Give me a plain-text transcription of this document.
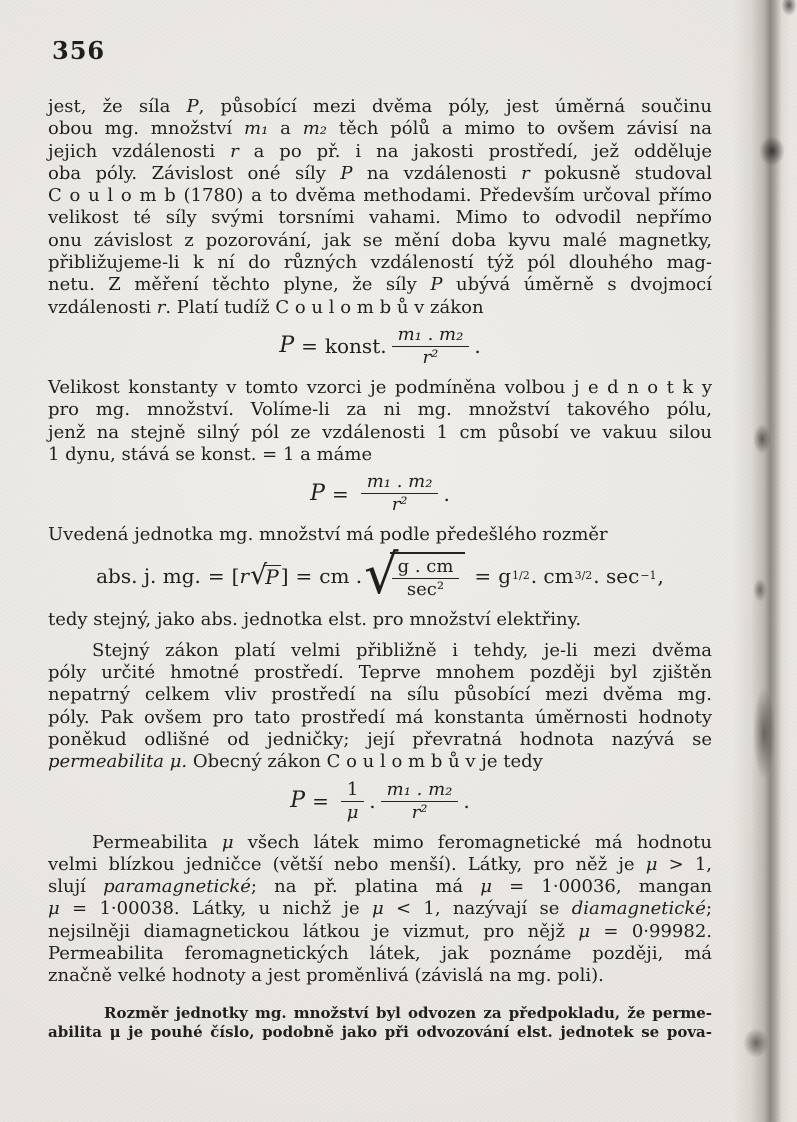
356
jest, že síla P, působící mezi dvěma póly, jest úměrná součinu
obou mg. množství m₁ a m₂ těch pólů a mimo to ovšem závisí na
jejich vzdálenosti r a po př. i na jakosti prostředí, jež odděluje
oba póly. Závislost oné síly P na vzdálenosti r pokusně studoval
C o u l o m b (1780) a to dvěma methodami. Především určoval přímo
velikost té síly svými torsními vahami. Mimo to odvodil nepřímo
onu závislost z pozorování, jak se mění doba kyvu malé magnetky,
přibližujeme-li k ní do různých vzdáleností týž pól dlouhého mag-
netu. Z měření těchto plyne, že síly P ubývá úměrně s dvojmocí
vzdálenosti r. Platí tudíž C o u l o m b ů v zákon
P = konst. $\frac{\text{m₁ . m₂}}{\text{r²}}$ .
Velikost konstanty v tomto vzorci je podmíněna volbou j e d n o t k y
pro mg. množství. Volíme-li za ni mg. množství takového pólu,
jenž na stejně silný pól ze vzdálenosti 1 cm působí ve vakuu silou
1 dynu, stává se konst. = 1 a máme
$P = \frac{\text{m₁ . m₂}}{\text{r²}}$ .
Uvedená jednotka mg. množství má podle předešlého rozměr
abs. j. mg. = [ r √
P ] = cm . √
$\frac{g . cm}{\text{sec²}} = g$ 1/2 . cm 3/2 . sec −1 ,
tedy stejný, jako abs. jednotka elst. pro množství elektřiny.
Stejný zákon platí velmi přibližně i tehdy, je-li mezi dvěma
póly určité hmotné prostředí. Teprve mnohem později byl zjištěn
nepatrný celkem vliv prostředí na sílu působící mezi dvěma mg.
póly. Pak ovšem pro tato prostředí má konstanta úměrnosti hodnoty
poněkud odlišné od jedničky; její převratná hodnota nazývá se
permeabilita μ. Obecný zákon C o u l o m b ů v je tedy
$P = \frac{1}{\mu}$ . $\frac{\text{m₁ . m₂}}{\text{r²}}$ .
Permeabilita μ všech látek mimo feromagnetické má hodnotu
velmi blízkou jedničce (větší nebo menší). Látky, pro něž je μ > 1,
slují paramagnetické; na př. platina má μ = 1·00036, mangan
μ = 1·00038. Látky, u nichž je μ < 1, nazývají se diamagnetické;
nejsilněji diamagnetickou látkou je vizmut, pro nějž μ = 0·99982.
Permeabilita feromagnetických látek, jak poznáme později, má
značně velké hodnoty a jest proměnlivá (závislá na mg. poli).
Rozměr jednotky mg. množství byl odvozen za předpokladu, že perme-
abilita μ je pouhé číslo, podobně jako při odvozování elst. jednotek se pova-
